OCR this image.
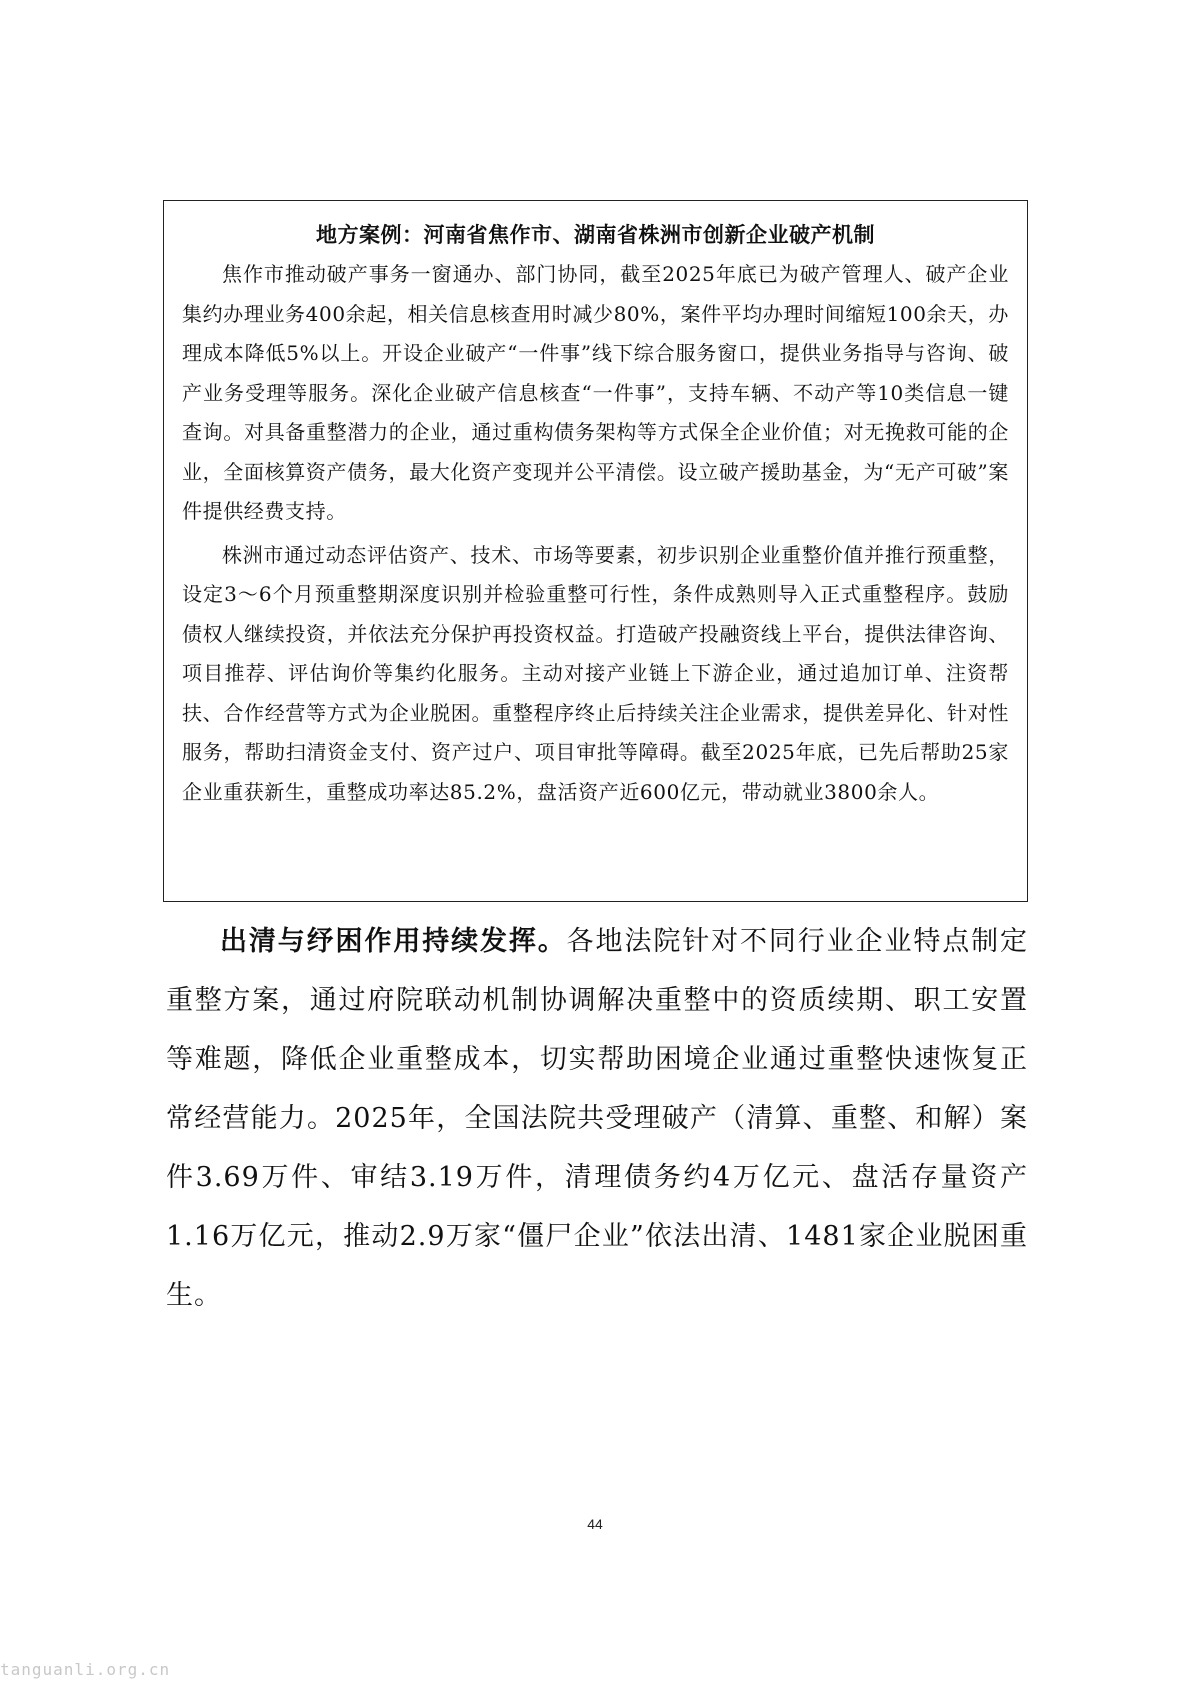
地方案例：河南省焦作市、湖南省株洲市创新企业破产机制

焦作市推动破产事务一窗通办、部门协同，截至2025年底已为破产管理人、破产企业集约办理业务400余起，相关信息核查用时减少80%，案件平均办理时间缩短100余天，办理成本降低5%以上。开设企业破产“一件事”线下综合服务窗口，提供业务指导与咨询、破产业务受理等服务。深化企业破产信息核查“一件事”，支持车辆、不动产等10类信息一键查询。对具备重整潜力的企业，通过重构债务架构等方式保全企业价值；对无挽救可能的企业，全面核算资产债务，最大化资产变现并公平清偿。设立破产援助基金，为“无产可破”案件提供经费支持。

株洲市通过动态评估资产、技术、市场等要素，初步识别企业重整价值并推行预重整，设定3～6个月预重整期深度识别并检验重整可行性，条件成熟则导入正式重整程序。鼓励债权人继续投资，并依法充分保护再投资权益。打造破产投融资线上平台，提供法律咨询、项目推荐、评估询价等集约化服务。主动对接产业链上下游企业，通过追加订单、注资帮扶、合作经营等方式为企业脱困。重整程序终止后持续关注企业需求，提供差异化、针对性服务，帮助扫清资金支付、资产过户、项目审批等障碍。截至2025年底，已先后帮助25家企业重获新生，重整成功率达85.2%，盘活资产近600亿元，带动就业3800余人。

出清与纾困作用持续发挥。各地法院针对不同行业企业特点制定重整方案，通过府院联动机制协调解决重整中的资质续期、职工安置等难题，降低企业重整成本，切实帮助困境企业通过重整快速恢复正常经营能力。2025年，全国法院共受理破产（清算、重整、和解）案件3.69万件、审结3.19万件，清理债务约4万亿元、盘活存量资产1.16万亿元，推动2.9万家“僵尸企业”依法出清、1481家企业脱困重生。

44
tanguanli.org.cn
